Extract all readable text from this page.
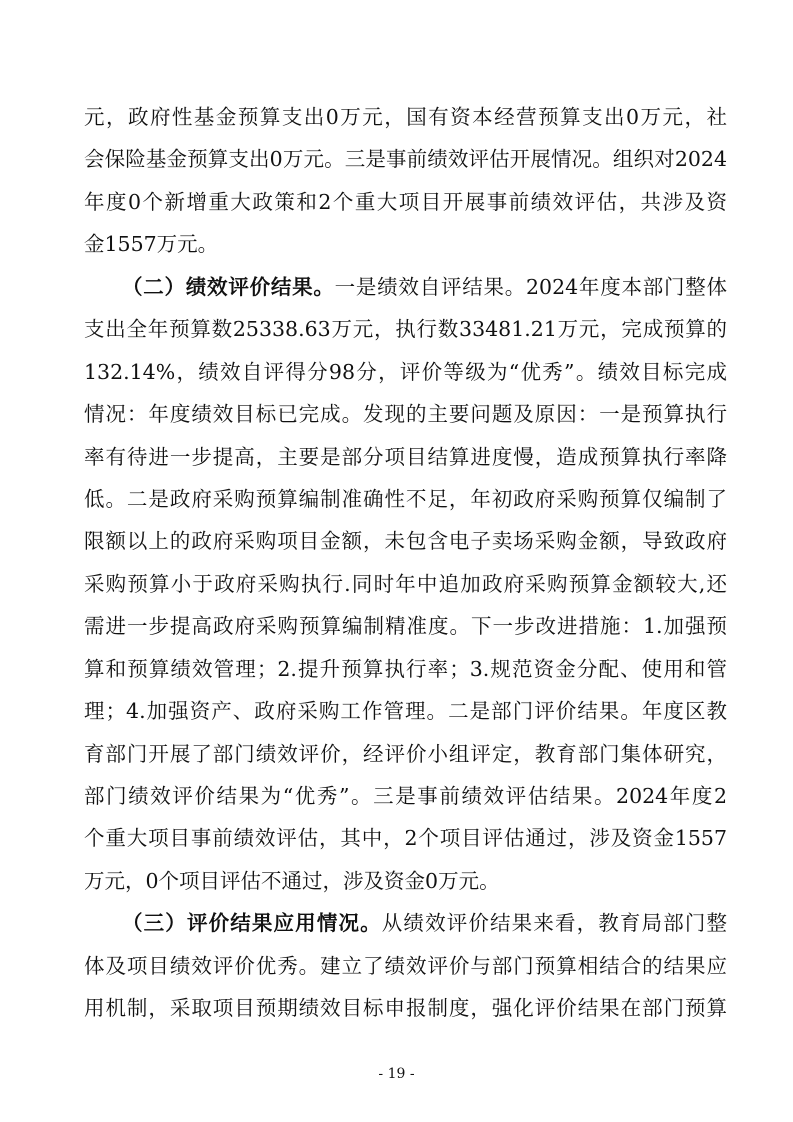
元，政府性基金预算支出0万元，国有资本经营预算支出0万元，社
会保险基金预算支出0万元。三是事前绩效评估开展情况。组织对2024
年度0个新增重大政策和2个重大项目开展事前绩效评估，共涉及资
金1557万元。
（二）绩效评价结果。一是绩效自评结果。2024年度本部门整体
支出全年预算数25338.63万元，执行数33481.21万元，完成预算的
132.14%，绩效自评得分98分，评价等级为“优秀”。绩效目标完成
情况：年度绩效目标已完成。发现的主要问题及原因：一是预算执行
率有待进一步提高，主要是部分项目结算进度慢，造成预算执行率降
低。二是政府采购预算编制准确性不足，年初政府采购预算仅编制了
限额以上的政府采购项目金额，未包含电子卖场采购金额，导致政府
采购预算小于政府采购执行.同时年中追加政府采购预算金额较大,还
需进一步提高政府采购预算编制精准度。下一步改进措施：1.加强预
算和预算绩效管理；2.提升预算执行率；3.规范资金分配、使用和管
理；4.加强资产、政府采购工作管理。二是部门评价结果。年度区教
育部门开展了部门绩效评价，经评价小组评定，教育部门集体研究，
部门绩效评价结果为“优秀”。三是事前绩效评估结果。2024年度2
个重大项目事前绩效评估，其中，2个项目评估通过，涉及资金1557
万元，0个项目评估不通过，涉及资金0万元。
（三）评价结果应用情况。从绩效评价结果来看，教育局部门整
体及项目绩效评价优秀。建立了绩效评价与部门预算相结合的结果应
用机制，采取项目预期绩效目标申报制度，强化评价结果在部门预算
- 19 -
